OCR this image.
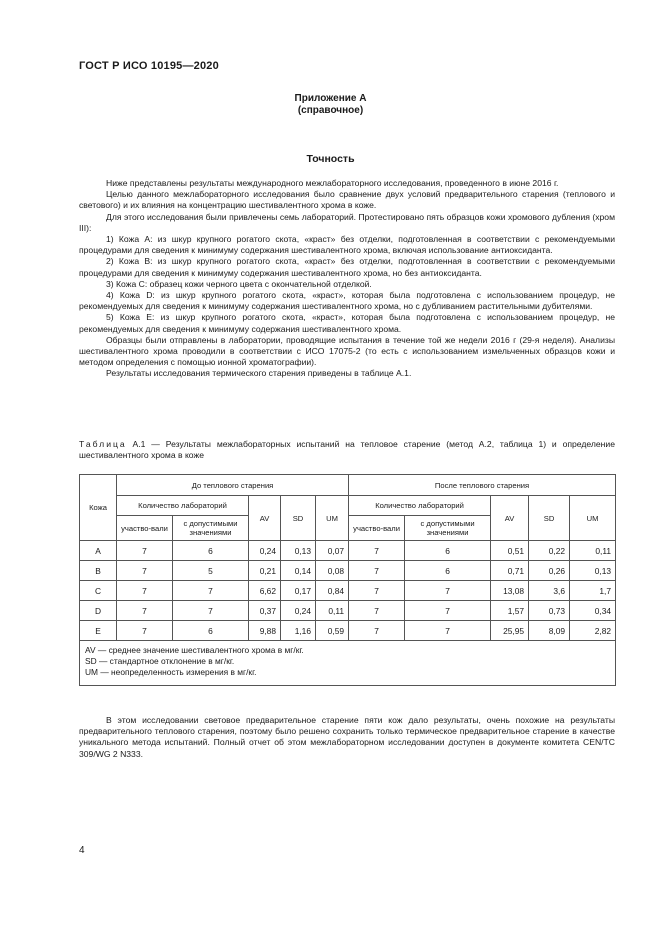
ГОСТ Р ИСО 10195—2020
Приложение А
(справочное)
Точность

Ниже представлены результаты международного межлабораторного исследования, проведенного в июне 2016 г.

Целью данного межлабораторного исследования было сравнение двух условий предварительного старения (теплового и светового) и их влияния на концентрацию шестивалентного хрома в коже.

Для этого исследования были привлечены семь лабораторий. Протестировано пять образцов кожи хромового дубления (хром III):

1) Кожа A: из шкур крупного рогатого скота, «краст» без отделки, подготовленная в соответствии с рекомендуемыми процедурами для сведения к минимуму содержания шестивалентного хрома, включая использование антиоксиданта.

2) Кожа B: из шкур крупного рогатого скота, «краст» без отделки, подготовленная в соответствии с рекомендуемыми процедурами для сведения к минимуму содержания шестивалентного хрома, но без антиоксиданта.

3) Кожа C: образец кожи черного цвета с окончательной отделкой.

4) Кожа D: из шкур крупного рогатого скота, «краст», которая была подготовлена с использованием процедур, не рекомендуемых для сведения к минимуму содержания шестивалентного хрома, но с дубливанием растительными дубителями.

5) Кожа E: из шкур крупного рогатого скота, «краст», которая была подготовлена с использованием процедур, не рекомендуемых для сведения к минимуму содержания шестивалентного хрома.

Образцы были отправлены в лаборатории, проводящие испытания в течение той же недели 2016 г (29-я неделя). Анализы шестивалентного хрома проводили в соответствии с ИСО 17075-2 (то есть с использованием измельченных образцов кожи и методом определения с помощью ионной хроматографии).

Результаты исследования термического старения приведены в таблице А.1.

Таблица А.1 — Результаты межлабораторных испытаний на тепловое старение (метод А.2, таблица 1) и определение шестивалентного хрома в коже
Кожа	До теплового старения					После теплового старения				
	Количество лабораторий		AV	SD	UM	Количество лабораторий		AV	SD	UM
	участво-вали	с допустимыми значениями				участво-вали	с допустимыми значениями			
A	7	6	0,24	0,13	0,07	7	6	0,51	0,22	0,11
B	7	5	0,21	0,14	0,08	7	6	0,71	0,26	0,13
C	7	7	6,62	0,17	0,84	7	7	13,08	3,6	1,7
D	7	7	0,37	0,24	0,11	7	7	1,57	0,73	0,34
E	7	6	9,88	1,16	0,59	7	7	25,95	8,09	2,82

AV — среднее значение шестивалентного хрома в мг/кг.
SD — стандартное отклонение в мг/кг.
UM — неопределенность измерения в мг/кг.										

В этом исследовании световое предварительное старение пяти кож дало результаты, очень похожие на результаты предварительного теплового старения, поэтому было решено сохранить только термическое предварительное старение в качестве уникального метода испытаний. Полный отчет об этом межлабораторном исследовании доступен в документе комитета CEN/TC 309/WG 2 N333.

4
